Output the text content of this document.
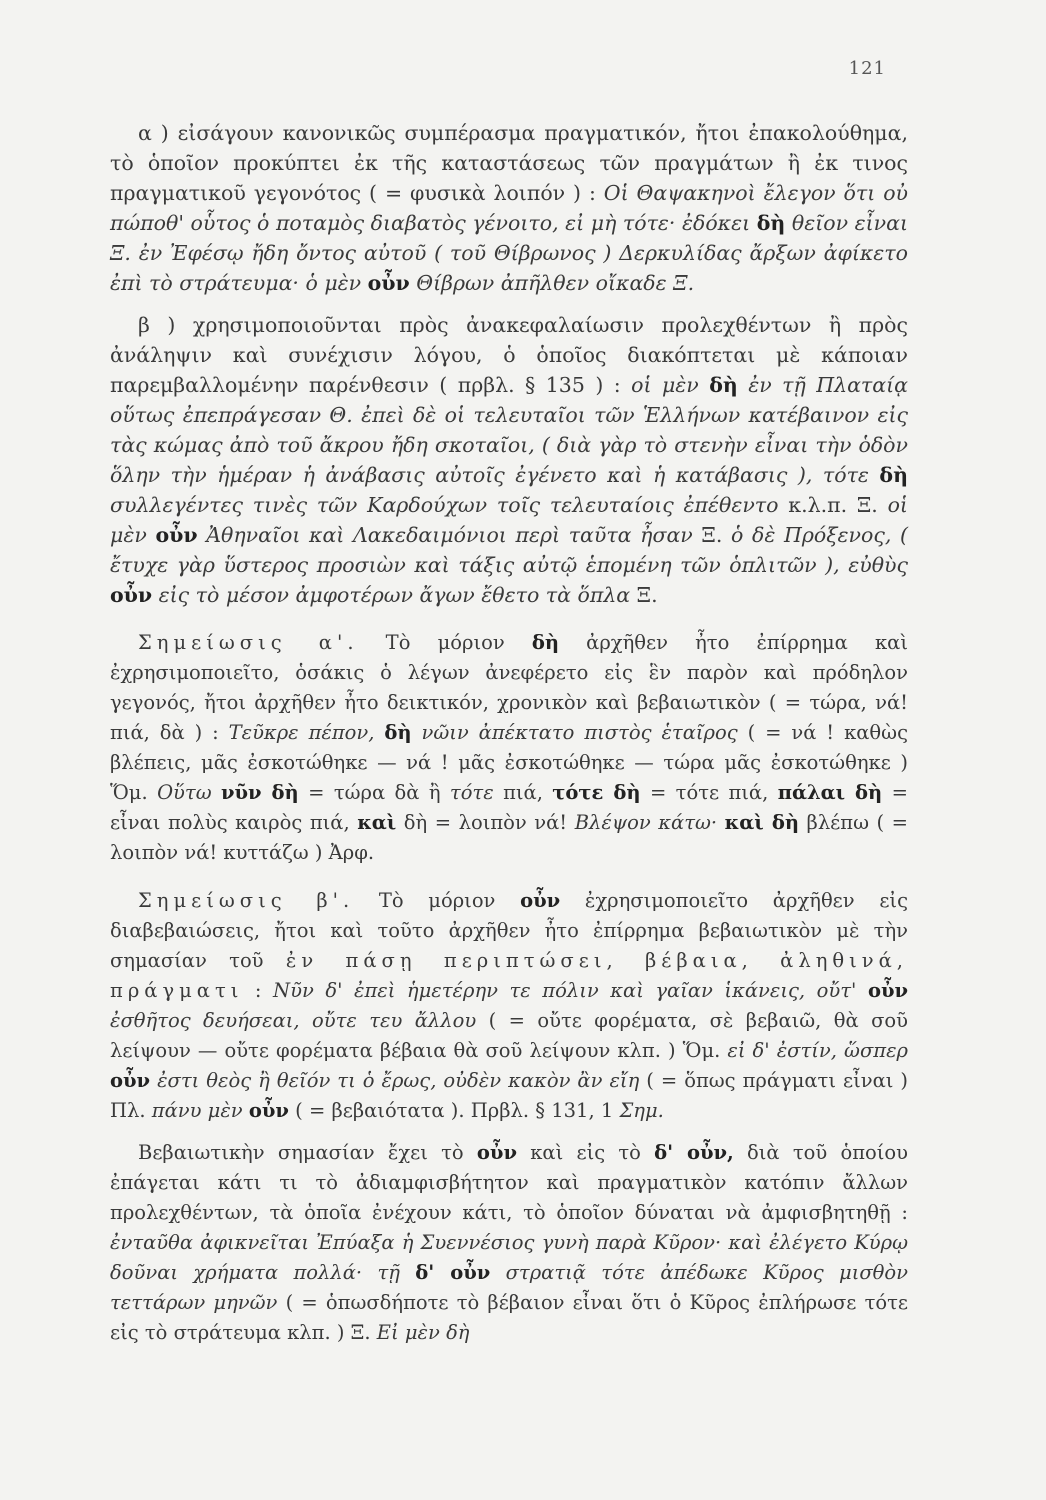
121

α ) εἰσάγουν κανονικῶς συμπέρασμα πραγματικόν, ἤτοι ἐπακολούθημα, τὸ ὁποῖον προκύπτει ἐκ τῆς καταστάσεως τῶν πραγμάτων ἢ ἐκ τινος πραγματικοῦ γεγονότος ( = φυσικὰ λοιπόν ) : Οἱ Θαψακηνοὶ ἔλεγον ὅτι οὐ πώποθ' οὗτος ὁ ποταμὸς διαβατὸς γένοιτο, εἰ μὴ τότε· ἐδόκει δὴ θεῖον εἶναι Ξ. ἐν Ἐφέσῳ ἤδη ὄντος αὐτοῦ ( τοῦ Θίβρωνος ) Δερκυλίδας ἄρξων ἀφίκετο ἐπὶ τὸ στράτευμα· ὁ μὲν οὖν Θίβρων ἀπῆλθεν οἴκαδε Ξ.

β ) χρησιμοποιοῦνται πρὸς ἀνακεφαλαίωσιν προλεχθέντων ἢ πρὸς ἀνάληψιν καὶ συνέχισιν λόγου, ὁ ὁποῖος διακόπτεται μὲ κάποιαν παρεμβαλλομένην παρένθεσιν ( πρβλ. § 135 ) : οἱ μὲν δὴ ἐν τῇ Πλαταίᾳ οὕτως ἐπεπράγεσαν Θ. ἐπεὶ δὲ οἱ τελευταῖοι τῶν Ἑλλήνων κατέβαινον εἰς τὰς κώμας ἀπὸ τοῦ ἄκρου ἤδη σκοταῖοι, ( διὰ γὰρ τὸ στενὴν εἶναι τὴν ὁδὸν ὅλην τὴν ἡμέραν ἡ ἀνάβασις αὐτοῖς ἐγένετο καὶ ἡ κατάβασις ), τότε δὴ συλλεγέντες τινὲς τῶν Καρδούχων τοῖς τελευταίοις ἐπέθεντο κ.λ.π. Ξ. οἱ μὲν οὖν Ἀθηναῖοι καὶ Λακεδαιμόνιοι περὶ ταῦτα ἦσαν Ξ. ὁ δὲ Πρόξενος, ( ἔτυχε γὰρ ὕστερος προσιὼν καὶ τάξις αὐτῷ ἑπομένη τῶν ὁπλιτῶν ), εὐθὺς οὖν εἰς τὸ μέσον ἀμφοτέρων ἄγων ἔθετο τὰ ὅπλα Ξ.

Σημείωσις α'. Τὸ μόριον δὴ ἀρχῆθεν ἦτο ἐπίρρημα καὶ ἐχρησιμοποιεῖτο, ὁσάκις ὁ λέγων ἀνεφέρετο εἰς ἓν παρὸν καὶ πρόδηλον γεγονός, ἤτοι ἀρχῆθεν ἦτο δεικτικόν, χρονικὸν καὶ βεβαιωτικὸν ( = τώρα, νά! πιά, δὰ ) : Τεῦκρε πέπον, δὴ νῶιν ἀπέκτατο πιστὸς ἑταῖρος ( = νά ! καθὼς βλέπεις, μᾶς ἐσκοτώθηκε — νά ! μᾶς ἐσκοτώθηκε — τώρα μᾶς ἐσκοτώθηκε ) Ὅμ. Οὕτω νῦν δὴ = τώρα δὰ ἢ τότε πιά, τότε δὴ = τότε πιά, πάλαι δὴ = εἶναι πολὺς καιρὸς πιά, καὶ δὴ = λοιπὸν νά! Βλέψον κάτω· καὶ δὴ βλέπω ( = λοιπὸν νά! κυττάζω ) Ἀρφ.

Σημείωσις β'. Τὸ μόριον οὖν ἐχρησιμοποιεῖτο ἀρχῆθεν εἰς διαβεβαιώσεις, ἤτοι καὶ τοῦτο ἀρχῆθεν ἦτο ἐπίρρημα βεβαιωτικὸν μὲ τὴν σημασίαν τοῦ ἐν πάσῃ περιπτώσει, βέβαια, ἀληθινά, πράγματι : Νῦν δ' ἐπεὶ ἡμετέρην τε πόλιν καὶ γαῖαν ἱκάνεις, οὔτ' οὖν ἐσθῆτος δευήσεαι, οὔτε τευ ἄλλου ( = οὔτε φορέματα, σὲ βεβαιῶ, θὰ σοῦ λείψουν — οὔτε φορέματα βέβαια θὰ σοῦ λείψουν κλπ. ) Ὅμ. εἰ δ' ἐστίν, ὥσπερ οὖν ἐστι θεὸς ἢ θεῖόν τι ὁ ἔρως, οὐδὲν κακὸν ἂν εἴη ( = ὅπως πράγματι εἶναι ) Πλ. πάνυ μὲν οὖν ( = βεβαιότατα ). Πρβλ. § 131, 1 Σημ.

Βεβαιωτικὴν σημασίαν ἔχει τὸ οὖν καὶ εἰς τὸ δ' οὖν, διὰ τοῦ ὁποίου ἐπάγεται κάτι τι τὸ ἀδιαμφισβήτητον καὶ πραγματικὸν κατόπιν ἄλλων προλεχθέντων, τὰ ὁποῖα ἐνέχουν κάτι, τὸ ὁποῖον δύναται νὰ ἀμφισβητηθῇ : ἐνταῦθα ἀφικνεῖται Ἐπύαξα ἡ Συεννέσιος γυνὴ παρὰ Κῦρον· καὶ ἐλέγετο Κύρῳ δοῦναι χρήματα πολλά· τῇ δ' οὖν στρατιᾷ τότε ἀπέδωκε Κῦρος μισθὸν τεττάρων μηνῶν ( = ὁπωσδήποτε τὸ βέβαιον εἶναι ὅτι ὁ Κῦρος ἐπλήρωσε τότε εἰς τὸ στράτευμα κλπ. ) Ξ. Εἰ μὲν δὴ
